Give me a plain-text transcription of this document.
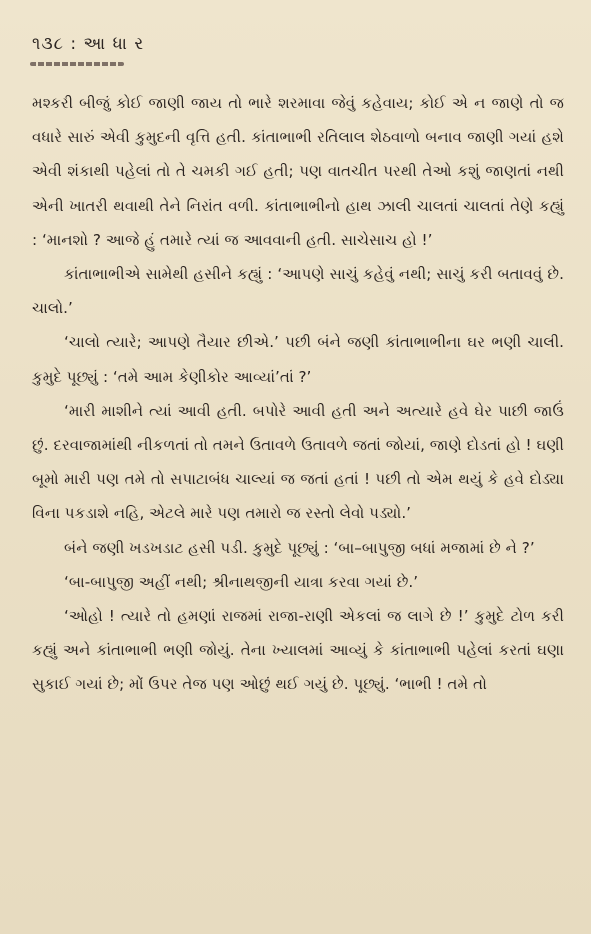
૧૩૮ : આ ધા ર

મશ્કરી બીજું કોઈ જાણી જાય તો ભારે શરમાવા જેવું કહેવાય; કોઈ એ ન જાણે તો જ વધારે સારું એવી કુમુદની વૃત્તિ હતી. કાંતાભાભી રતિલાલ શેઠવાળો બનાવ જાણી ગયાં હશે એવી શંકાથી પહેલાં તો તે ચમકી ગઈ હતી; પણ વાતચીત પરથી તેઓ કશું જાણતાં નથી એની ખાતરી થવાથી તેને નિરાંત વળી. કાંતાભાભીનો હાથ ઝાલી ચાલતાં ચાલતાં તેણે કહ્યું : ‘માનશો ? આજે હું તમારે ત્યાં જ આવવાની હતી. સાચેસાચ હો !’

કાંતાભાભીએ સામેથી હસીને કહ્યું : ‘આપણે સાચું કહેવું નથી; સાચું કરી બતાવવું છે. ચાલો.’

‘ચાલો ત્યારે; આપણે તૈયાર છીએ.’ પછી બંને જણી કાંતાભાભીના ઘર ભણી ચાલી. કુમુદે પૂછ્યું : ‘તમે આમ કેણીકોર આવ્યાં’તાં ?’

‘મારી માશીને ત્યાં આવી હતી. બપોરે આવી હતી અને અત્યારે હવે ઘેર પાછી જાઉં છું. દરવાજામાંથી નીકળતાં તો તમને ઉતાવળે ઉતાવળે જતાં જોયાં, જાણે દોડતાં હો ! ઘણી બૂમો મારી પણ તમે તો સપાટાબંધ ચાલ્યાં જ જતાં હતાં ! પછી તો એમ થયું કે હવે દોડ્યા વિના પકડાશે નહિ, એટલે મારે પણ તમારો જ રસ્તો લેવો પડ્યો.’

બંને જણી ખડખડાટ હસી પડી. કુમુદે પૂછ્યું : ‘બા–બાપુજી બધાં મજામાં છે ને ?’

‘બા-બાપુજી અહીં નથી; શ્રીનાથજીની યાત્રા કરવા ગયાં છે.’

‘ઓહો ! ત્યારે તો હમણાં રાજમાં રાજા-રાણી એકલાં જ લાગે છે !’ કુમુદે ટોળ કરી કહ્યું અને કાંતાભાભી ભણી જોયું. તેના ખ્યાલમાં આવ્યું કે કાંતાભાભી પહેલાં કરતાં ઘણા સુકાઈ ગયાં છે; મોં ઉપર તેજ પણ ઓછું થઈ ગયું છે. પૂછ્યું. ‘ભાભી ! તમે તો
